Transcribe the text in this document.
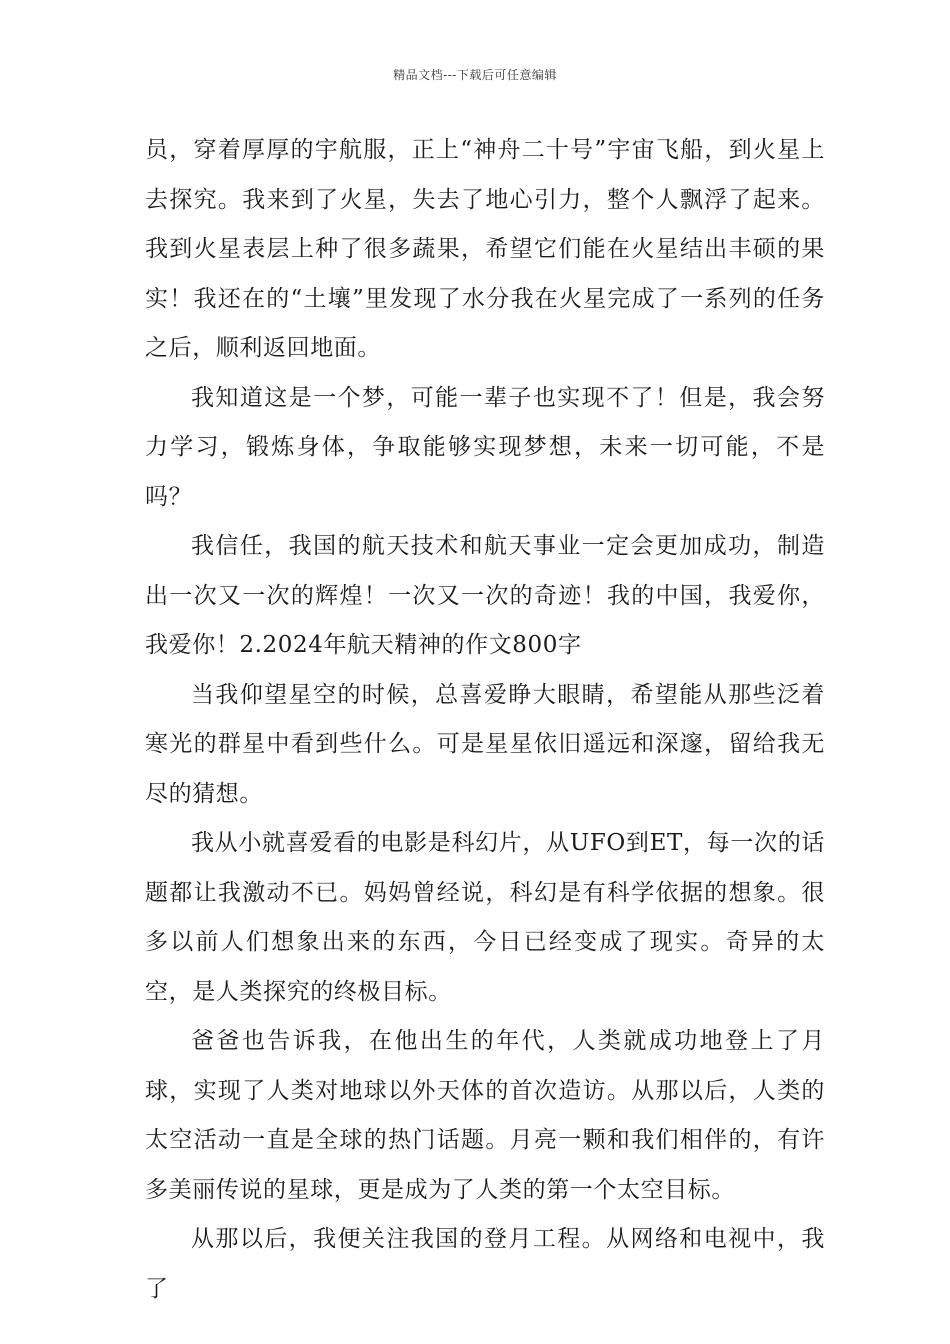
精品文档---下载后可任意编辑

员，穿着厚厚的宇航服，正上“神舟二十号”宇宙飞船，到火星上去探究。我来到了火星，失去了地心引力，整个人飘浮了起来。我到火星表层上种了很多蔬果，希望它们能在火星结出丰硕的果实！我还在的“土壤”里发现了水分我在火星完成了一系列的任务之后，顺利返回地面。

我知道这是一个梦，可能一辈子也实现不了！但是，我会努力学习，锻炼身体，争取能够实现梦想，未来一切可能，不是吗？

我信任，我国的航天技术和航天事业一定会更加成功，制造出一次又一次的辉煌！一次又一次的奇迹！我的中国，我爱你，我爱你！2.2024年航天精神的作文800字

当我仰望星空的时候，总喜爱睁大眼睛，希望能从那些泛着寒光的群星中看到些什么。可是星星依旧遥远和深邃，留给我无尽的猜想。

我从小就喜爱看的电影是科幻片，从UFO到ET，每一次的话题都让我激动不已。妈妈曾经说，科幻是有科学依据的想象。很多以前人们想象出来的东西，今日已经变成了现实。奇异的太空，是人类探究的终极目标。

爸爸也告诉我，在他出生的年代，人类就成功地登上了月球，实现了人类对地球以外天体的首次造访。从那以后，人类的太空活动一直是全球的热门话题。月亮一颗和我们相伴的，有许多美丽传说的星球，更是成为了人类的第一个太空目标。

从那以后，我便关注我国的登月工程。从网络和电视中，我了
